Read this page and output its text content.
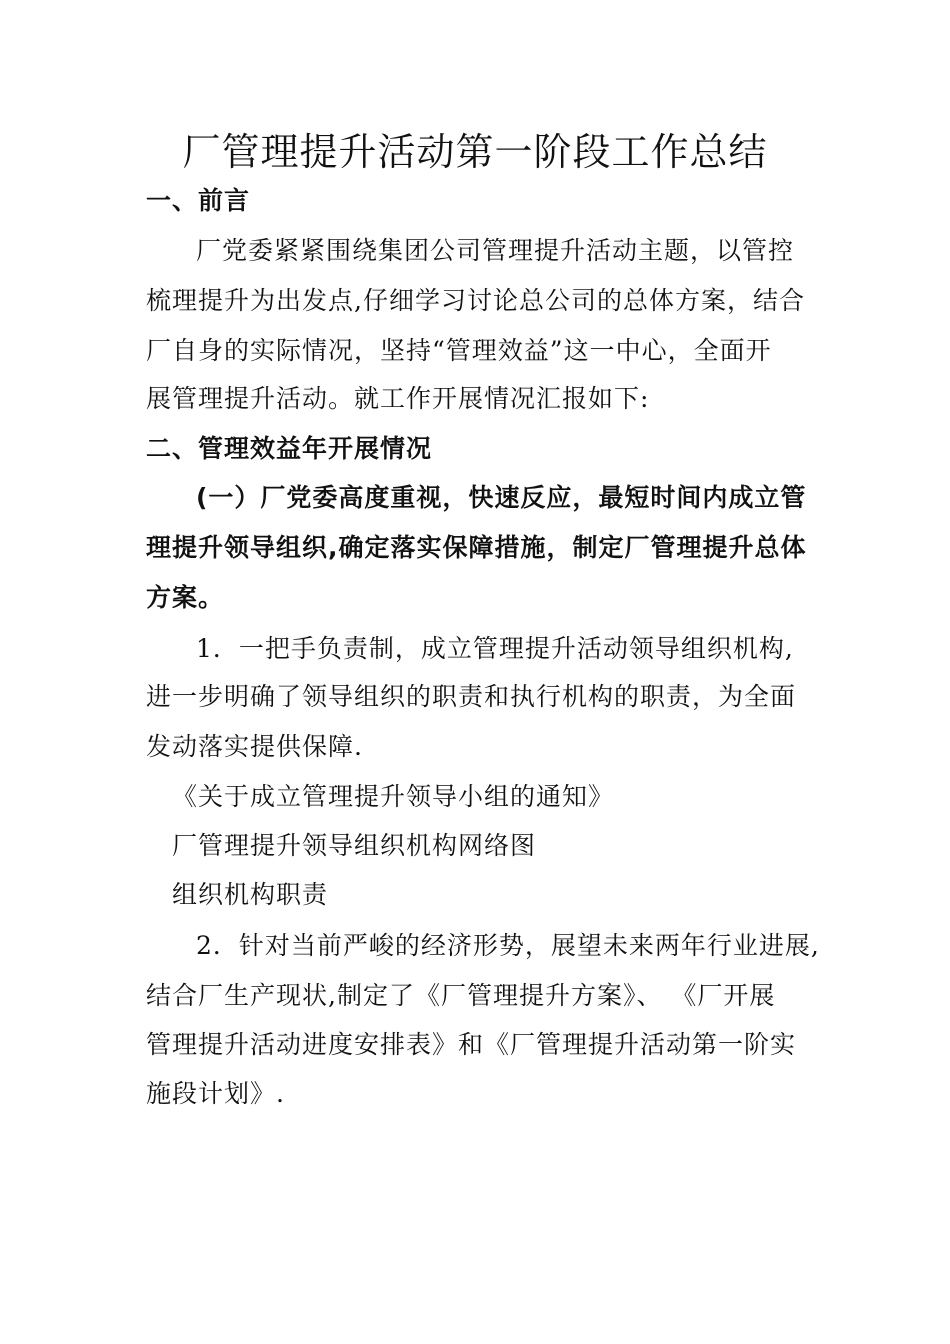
厂管理提升活动第一阶段工作总结
一、前言
厂党委紧紧围绕集团公司管理提升活动主题，以管控
梳理提升为出发点,仔细学习讨论总公司的总体方案，结合
厂自身的实际情况，坚持“管理效益”这一中心，全面开
展管理提升活动。就工作开展情况汇报如下:
二、管理效益年开展情况
(一）厂党委高度重视，快速反应，最短时间内成立管
理提升领导组织,确定落实保障措施，制定厂管理提升总体
方案。
1．一把手负责制，成立管理提升活动领导组织机构,
进一步明确了领导组织的职责和执行机构的职责，为全面
发动落实提供保障.
《关于成立管理提升领导小组的通知》
厂管理提升领导组织机构网络图
组织机构职责
2．针对当前严峻的经济形势，展望未来两年行业进展,
结合厂生产现状,制定了《厂管理提升方案》、 《厂开展
管理提升活动进度安排表》和《厂管理提升活动第一阶实
施段计划》.
